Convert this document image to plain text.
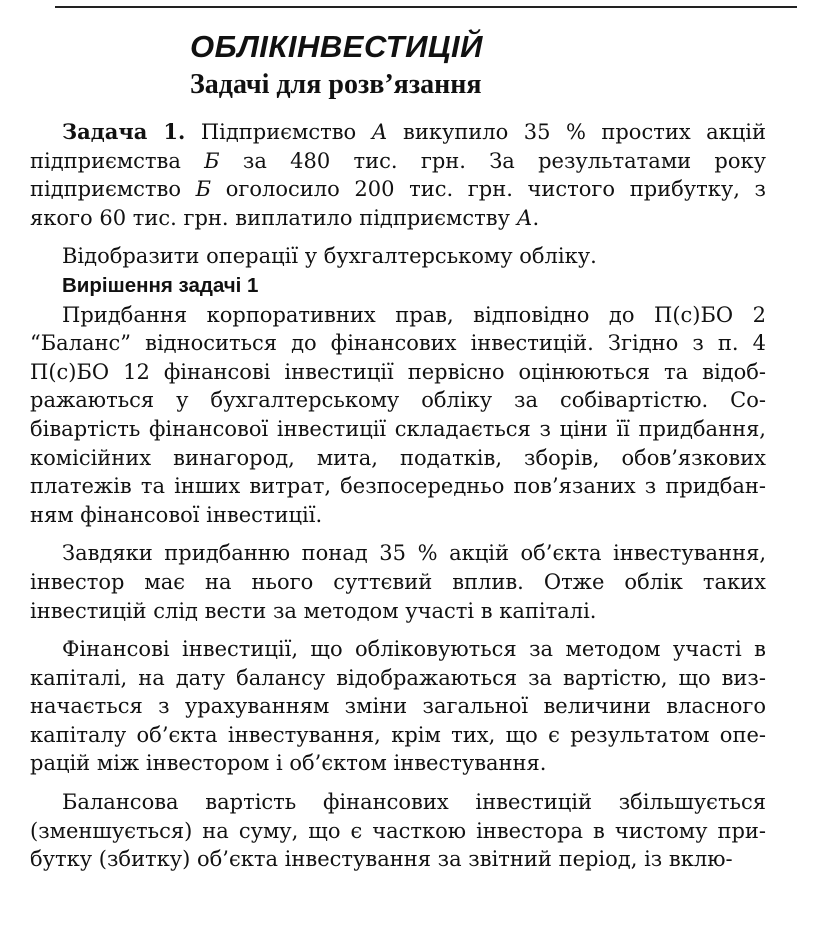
ОБЛІКІНВЕСТИЦІЙ
Задачі для розв’язання

Задача 1. Підприємство А викупило 35 % простих акцій підприємства Б за 480 тис. грн. За результатами року підприємство Б оголосило 200 тис. грн. чистого прибутку, з якого 60 тис. грн. виплатило підприємству А.

Відобразити операції у бухгалтерському обліку.

Вирішення задачі 1

Придбання корпоративних прав, відповідно до П(с)БО 2 “Баланс” відноситься до фінансових інвестицій. Згідно з п. 4 П(с)БО 12 фінансові інвестиції первісно оцінюються та відображаються у бухгалтерському обліку за собівартістю. Собівартість фінансової інвестиції складається з ціни її придбання, комісійних винагород, мита, податків, зборів, обов’язкових платежів та інших витрат, безпосередньо пов’язаних з придбанням фінансової інвестиції.

Завдяки придбанню понад 35 % акцій об’єкта інвестування, інвестор має на нього суттєвий вплив. Отже облік таких інвестицій слід вести за методом участі в капіталі.

Фінансові інвестиції, що обліковуються за методом участі в капіталі, на дату балансу відображаються за вартістю, що визначається з урахуванням зміни загальної величини власного капіталу об’єкта інвестування, крім тих, що є результатом операцій між інвестором і об’єктом інвестування.

Балансова вартість фінансових інвестицій збільшується (зменшується) на суму, що є часткою інвестора в чистому прибутку (збитку) об’єкта інвестування за звітний період, із вклю-
